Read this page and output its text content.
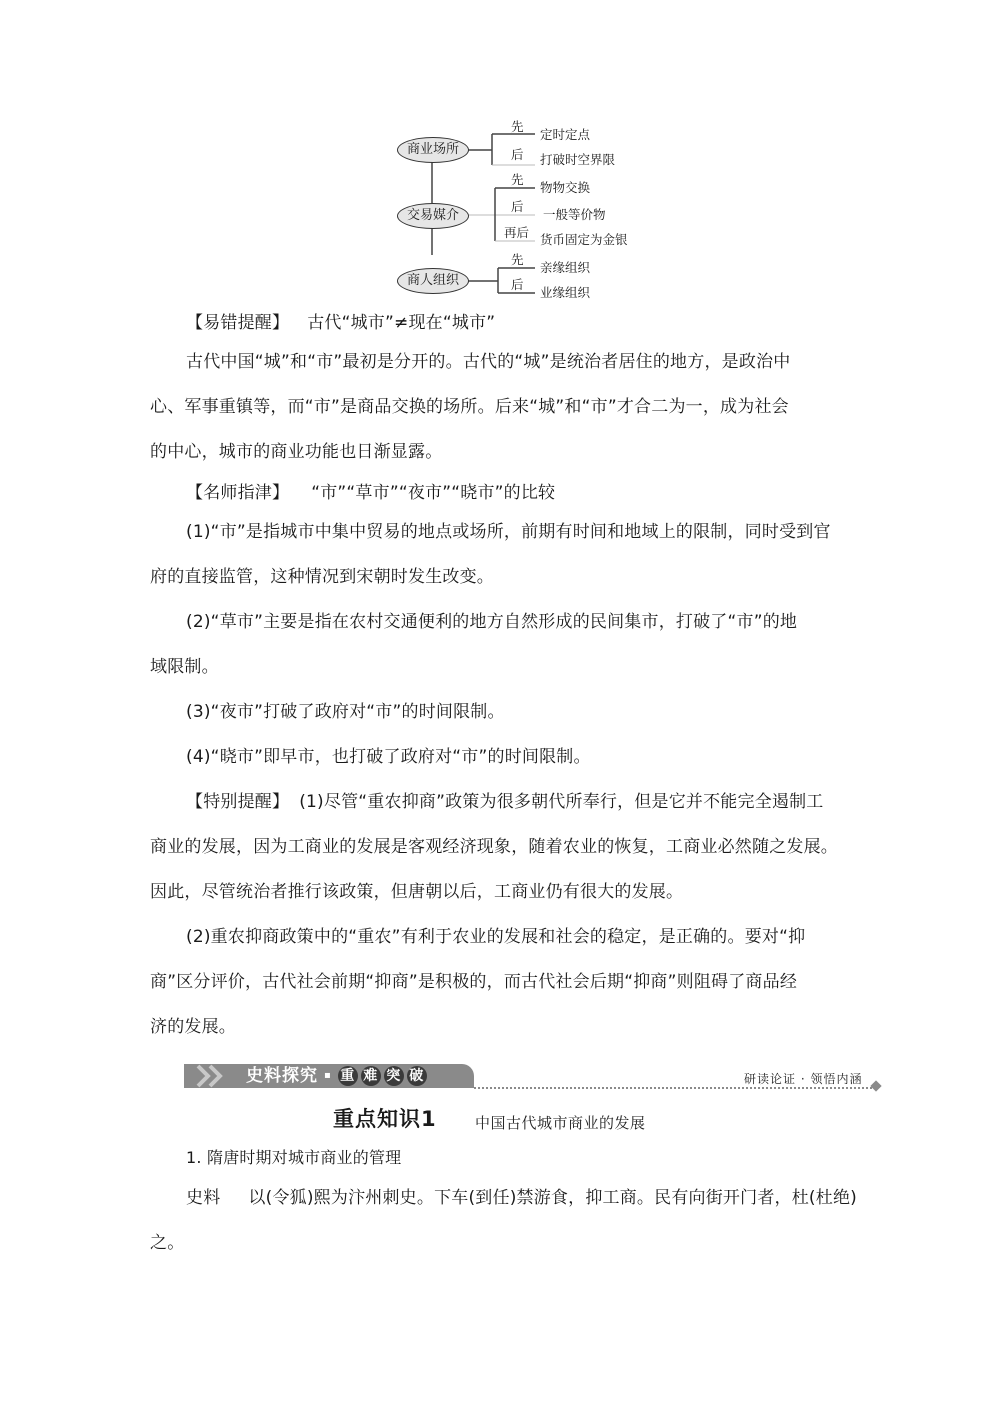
商业场所
先
定时定点
后 打破时空界限
交易媒介
先
物物交换
后
一般等价物
再后 货币固定为金银
商人组织
先
亲缘组织
后
业缘组织
【易错提醒】 古代“城市”≠现在“城市”
古代中国“城”和“市”最初是分开的。古代的“城”是统治者居住的地方，是政治中
心、军事重镇等，而“市”是商品交换的场所。后来“城”和“市”才合二为一，成为社会
的中心，城市的商业功能也日渐显露。
【名师指津】 “市”“草市”“夜市”“晓市”的比较
(1)“市”是指城市中集中贸易的地点或场所，前期有时间和地域上的限制，同时受到官
府的直接监管，这种情况到宋朝时发生改变。
(2)“草市”主要是指在农村交通便利的地方自然形成的民间集市，打破了“市”的地
域限制。
(3)“夜市”打破了政府对“市”的时间限制。
(4)“晓市”即早市，也打破了政府对“市”的时间限制。
【特别提醒】 (1)尽管“重农抑商”政策为很多朝代所奉行，但是它并不能完全遏制工
商业的发展，因为工商业的发展是客观经济现象，随着农业的恢复，工商业必然随之发展。
因此，尽管统治者推行该政策，但唐朝以后，工商业仍有很大的发展。
(2)重农抑商政策中的“重农”有利于农业的发展和社会的稳定，是正确的。要对“抑
商”区分评价，古代社会前期“抑商”是积极的，而古代社会后期“抑商”则阻碍了商品经
济的发展。
史料探究 ▪ 重 难 突 破	研读论证 · 领悟内涵
重点知识1	中国古代城市商业的发展
1. 隋唐时期对城市商业的管理
史料 以(令狐)熙为汴州刺史。下车(到任)禁游食，抑工商。民有向街开门者，杜(杜绝)
之。
